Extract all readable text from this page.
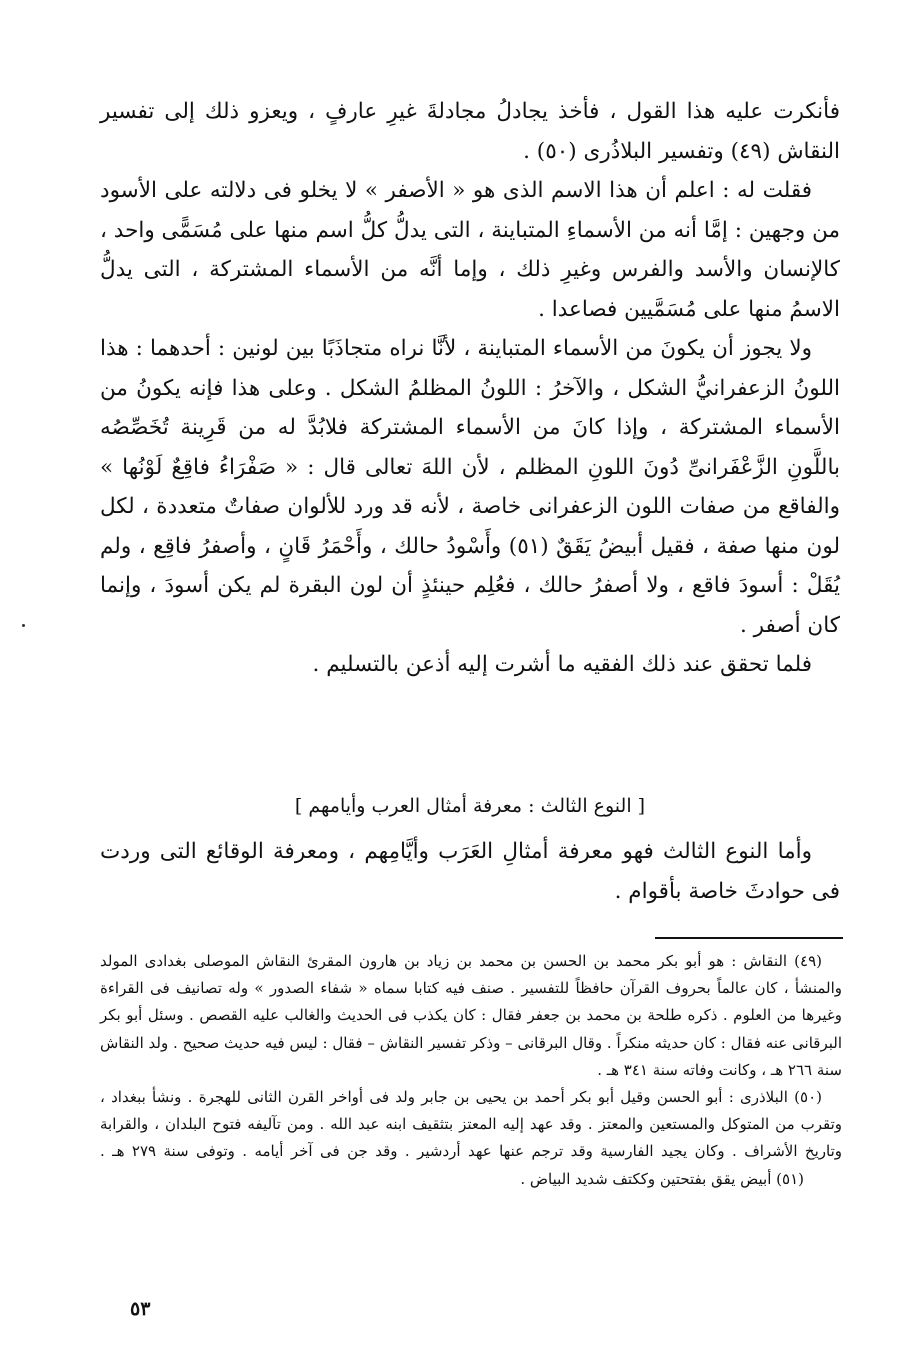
فأنكرت عليه هذا القول ، فأخذ يجادلُ مجادلةَ غيرِ عارفٍ ، ويعزو ذلك إلى تفسير النقاش (٤٩) وتفسير البلاذُرى (٥٠) .

فقلت له : اعلم أن هذا الاسم الذى هو « الأصفر » لا يخلو فى دلالته على الأسود من وجهين : إمَّا أنه من الأسماءِ المتباينة ، التى يدلُّ كلُّ اسم منها على مُسَمًّى واحد ، كالإنسان والأسد والفرس وغيرِ ذلك ، وإما أنَّه من الأسماء المشتركة ، التى يدلُّ الاسمُ منها على مُسَمَّيين فصاعدا .

ولا يجوز أن يكونَ من الأسماء المتباينة ، لأنَّا نراه متجاذَبًا بين لونين : أحدهما : هذا اللونُ الزعفرانيُّ الشكل ، والآخرُ : اللونُ المظلمُ الشكل . وعلى هذا فإنه يكونُ من الأسماء المشتركة ، وإذا كانَ من الأسماء المشتركة فلابُدَّ له من قَرِينة تُخَصِّصُه باللَّونِ الزَّعْفَرانىِّ دُونَ اللونِ المظلم ، لأن اللهَ تعالى قال : « صَفْرَاءُ فاقِعٌ لَوْنُها » والفاقع من صفات اللون الزعفرانى خاصة ، لأنه قد ورد للألوان صفاتٌ متعددة ، لكل لون منها صفة ، فقيل أبيضُ يَقَقٌ (٥١) وأَسْودُ حالك ، وأَحْمَرُ قَانٍ ، وأصفرُ فاقِع ، ولم يُقَلْ : أسودَ فاقع ، ولا أصفرُ حالك ، فعُلِم حينئذٍ أن لون البقرة لم يكن أسودَ ، وإنما كان أصفر .

فلما تحقق عند ذلك الفقيه ما أشرت إليه أذعن بالتسليم .

[ النوع الثالث : معرفة أمثال العرب وأيامهم ]

وأما النوع الثالث فهو معرفة أمثالِ العَرَب وأيَّامِهم ، ومعرفة الوقائع التى وردت فى حوادثَ خاصة بأقوام .

(٤٩) النقاش : هو أبو بكر محمد بن الحسن بن محمد بن زياد بن هارون المقرئ النقاش الموصلى بغدادى المولد والمنشأ ، كان عالماً بحروف القرآن حافظاً للتفسير . صنف فيه كتابا سماه « شفاء الصدور » وله تصانيف فى القراءة وغيرها من العلوم . ذكره طلحة بن محمد بن جعفر فقال : كان يكذب فى الحديث والغالب عليه القصص . وسئل أبو بكر البرقانى عنه فقال : كان حديثه منكراً . وقال البرقانى – وذكر تفسير النقاش – فقال : ليس فيه حديث صحيح . ولد النقاش سنة ٢٦٦ هـ ، وكانت وفاته سنة ٣٤١ هـ .

(٥٠) البلاذرى : أبو الحسن وقيل أبو بكر أحمد بن يحيى بن جابر ولد فى أواخر القرن الثانى للهجرة . ونشأ ببغداد ، وتقرب من المتوكل والمستعين والمعتز . وقد عهد إليه المعتز بتثقيف ابنه عبد الله . ومن تآليفه فتوح البلدان ، والقرابة وتاريخ الأشراف . وكان يجيد الفارسية وقد ترجم عنها عهد أردشير . وقد جن فى آخر أيامه . وتوفى سنة ٢٧٩ هـ .(٥١) أبيض يقق بفتحتين وككتف شديد البياض .

٥٣
